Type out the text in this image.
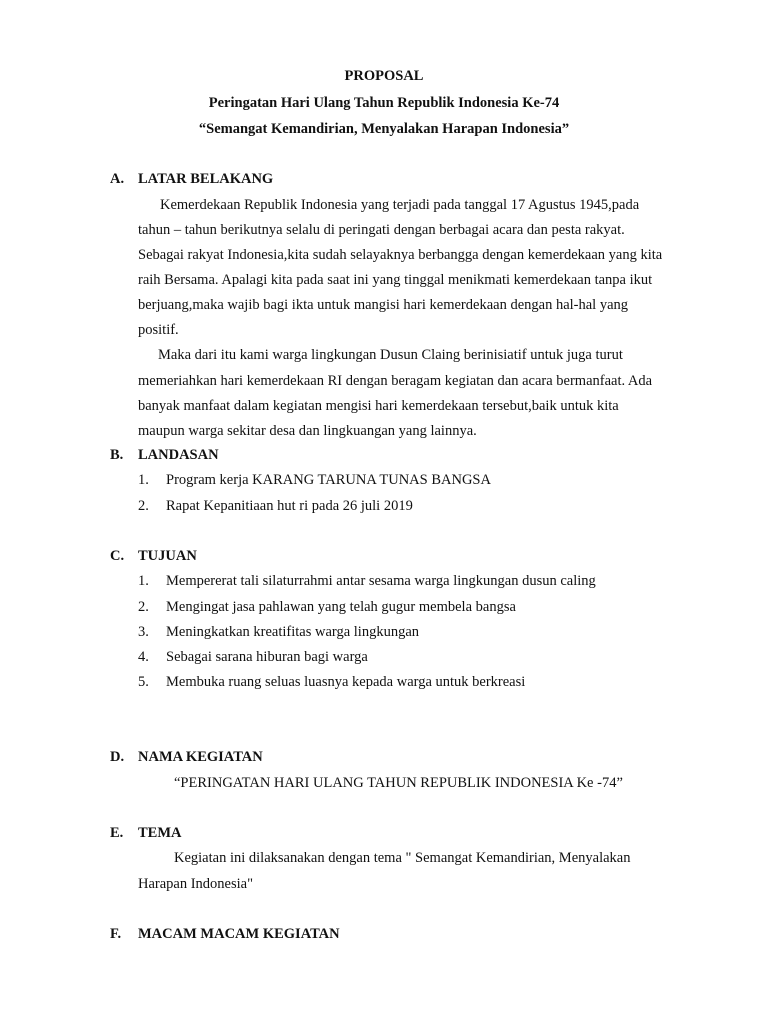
PROPOSAL
Peringatan Hari Ulang Tahun Republik Indonesia Ke-74
“Semangat Kemandirian, Menyalakan Harapan Indonesia”
A. LATAR BELAKANG
Kemerdekaan Republik Indonesia yang terjadi pada tanggal 17 Agustus 1945,pada
tahun – tahun berikutnya selalu di peringati dengan berbagai acara dan pesta rakyat.
Sebagai rakyat Indonesia,kita sudah selayaknya berbangga dengan kemerdekaan yang kita
raih Bersama. Apalagi kita pada saat ini yang tinggal menikmati kemerdekaan tanpa ikut
berjuang,maka wajib bagi ikta untuk mangisi hari kemerdekaan dengan hal-hal yang
positif.
Maka dari itu kami warga lingkungan Dusun Claing berinisiatif untuk juga turut
memeriahkan hari kemerdekaan RI dengan beragam kegiatan dan acara bermanfaat. Ada
banyak manfaat dalam kegiatan mengisi hari kemerdekaan tersebut,baik untuk kita
maupun warga sekitar desa dan lingkuangan yang lainnya.
B. LANDASAN
1. Program kerja KARANG TARUNA TUNAS BANGSA
2. Rapat Kepanitiaan hut ri pada 26 juli 2019
C. TUJUAN
1. Mempererat tali silaturrahmi antar sesama warga lingkungan dusun caling
2. Mengingat jasa pahlawan yang telah gugur membela bangsa
3. Meningkatkan kreatifitas warga lingkungan
4. Sebagai sarana hiburan bagi warga
5. Membuka ruang seluas luasnya kepada warga untuk berkreasi
D. NAMA KEGIATAN
“PERINGATAN HARI ULANG TAHUN REPUBLIK INDONESIA Ke -74”
E. TEMA
Kegiatan ini dilaksanakan dengan tema " Semangat Kemandirian, Menyalakan
Harapan Indonesia"
F. MACAM MACAM KEGIATAN
